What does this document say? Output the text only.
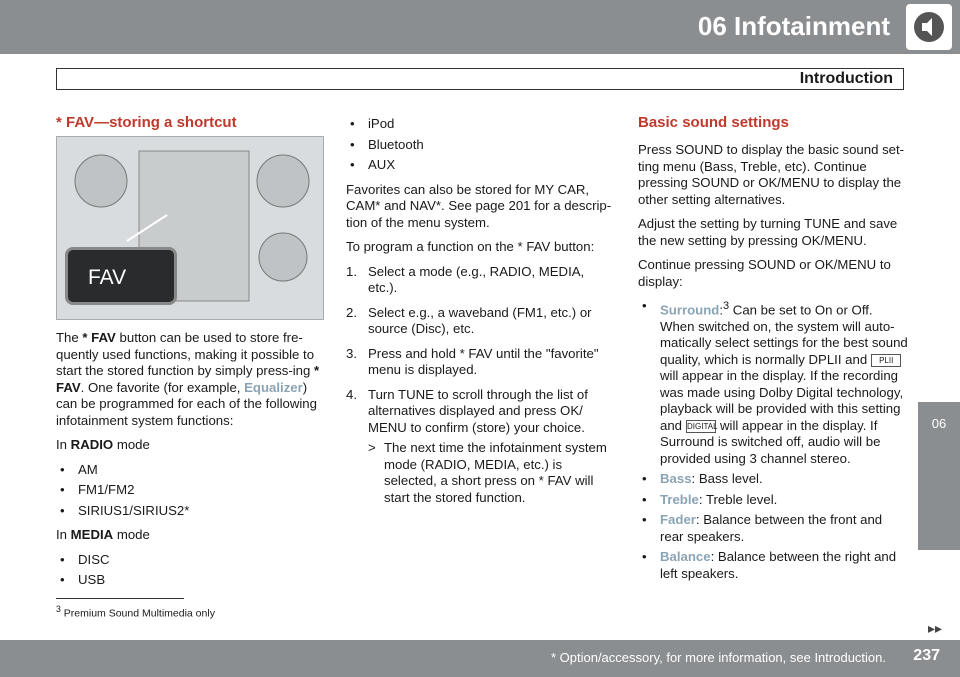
06 Infotainment
Introduction
06
* FAV—storing a shortcut
FAV

The * FAV button can be used to store fre-quently used functions, making it possible to start the stored function by simply press-ing * FAV. One favorite (for example, Equalizer) can be programmed for each of the following infotainment system functions:

In RADIO mode

• AM
• FM1/FM2
• SIRIUS1/SIRIUS2*

In MEDIA mode

• DISC
• USB
• iPod
• Bluetooth
• AUX

Favorites can also be stored for MY CAR, CAM* and NAV*. See page 201 for a descrip-tion of the menu system.

To program a function on the * FAV button:

1. Select a mode (e.g., RADIO, MEDIA, etc.).
2. Select e.g., a waveband (FM1, etc.) or source (Disc), etc.
3. Press and hold * FAV until the "favorite" menu is displayed.
4. Turn TUNE to scroll through the list of alternatives displayed and press OK/ MENU to confirm (store) your choice.
> The next time the infotainment system mode (RADIO, MEDIA, etc.) is selected, a short press on * FAV will start the stored function.
Basic sound settings

Press SOUND to display the basic sound set-ting menu (Bass, Treble, etc). Continue pressing SOUND or OK/MENU to display the other setting alternatives.

Adjust the setting by turning TUNE and save the new setting by pressing OK/MENU.

Continue pressing SOUND or OK/MENU to display:

• Surround:$^3$ Can be set to On or Off. When switched on, the system will auto-matically select settings for the best sound quality, which is normally DPLII and PLIIwill appear in the display. If the recording was made using Dolby Digital technology, playback will be provided with this setting and DIGITAL will appear in the display. If Surround is switched off, audio will be provided using 3 channel stereo.
• Bass: Bass level.
• Treble: Treble level.
• Fader: Balance between the front and rear speakers.
• Balance: Balance between the right and left speakers.
$^3$ Premium Sound Multimedia only
▸▸
* Option/accessory, for more information, see Introduction. 237
